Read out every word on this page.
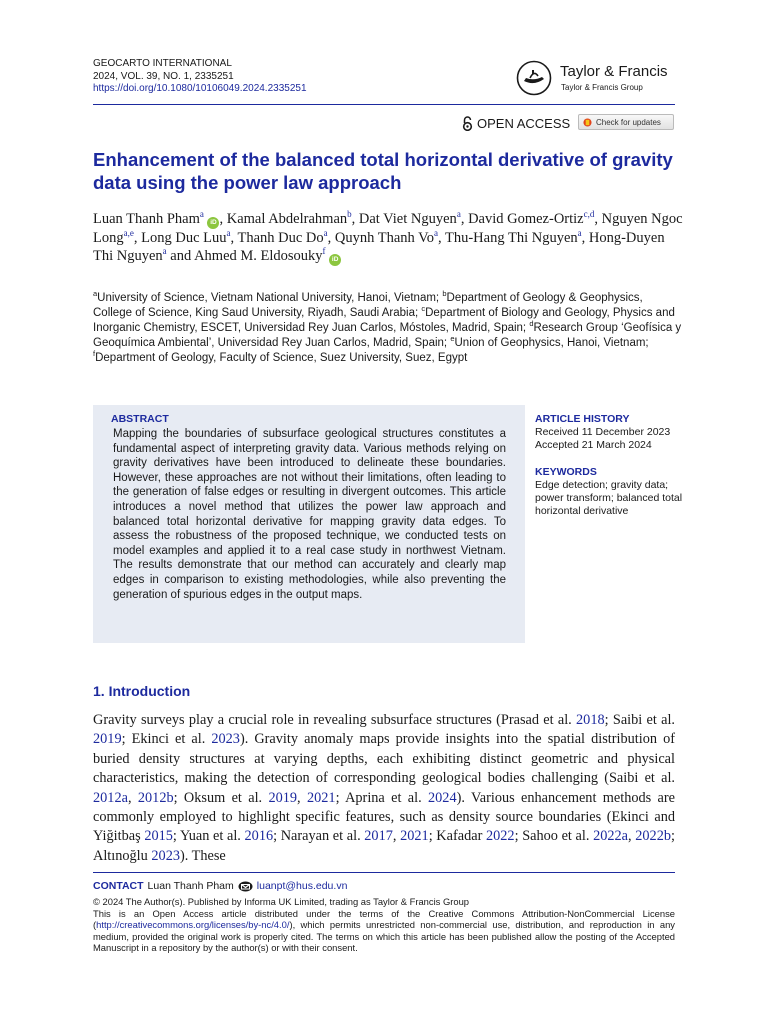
GEOCARTO INTERNATIONAL
2024, VOL. 39, NO. 1, 2335251
https://doi.org/10.1080/10106049.2024.2335251
Taylor & Francis
Taylor & Francis Group
OPEN ACCESS	Check for updates
Enhancement of the balanced total horizontal derivative of gravity data using the power law approach
Luan Thanh Pham$^a$ iD , Kamal Abdelrahman$^b$, Dat Viet Nguyen$^a$, David Gomez-Ortiz$^{c,d}$, Nguyen Ngoc Long$^{a,e}$, Long Duc Luu$^a$, Thanh Duc Do$^a$, Quynh Thanh Vo$^a$, Thu-Hang Thi Nguyen$^a$, Hong-Duyen Thi Nguyen$^a$ and Ahmed M. Eldosouky$^f$ iD
$^a$University of Science, Vietnam National University, Hanoi, Vietnam; $^b$Department of Geology & Geophysics, College of Science, King Saud University, Riyadh, Saudi Arabia; $^c$Department of Biology and Geology, Physics and Inorganic Chemistry, ESCET, Universidad Rey Juan Carlos, Móstoles, Madrid, Spain; $^d$Research Group ‘Geofísica y Geoquímica Ambiental’, Universidad Rey Juan Carlos, Madrid, Spain; $^e$Union of Geophysics, Hanoi, Vietnam; $^f$Department of Geology, Faculty of Science, Suez University, Suez, Egypt
ABSTRACT
Mapping the boundaries of subsurface geological structures constitutes a fundamental aspect of interpreting gravity data. Various methods relying on gravity derivatives have been introduced to delineate these boundaries. However, these approaches are not without their limitations, often leading to the generation of false edges or resulting in divergent outcomes. This article introduces a novel method that utilizes the power law approach and balanced total horizontal derivative for mapping gravity data edges. To assess the robustness of the proposed technique, we conducted tests on model examples and applied it to a real case study in northwest Vietnam. The results demonstrate that our method can accurately and clearly map edges in comparison to existing methodologies, while also preventing the generation of spurious edges in the output maps.
ARTICLE HISTORY
Received 11 December 2023
Accepted 21 March 2024
KEYWORDS
Edge detection; gravity data; power transform; balanced total horizontal derivative
1. Introduction

Gravity surveys play a crucial role in revealing subsurface structures (Prasad et al. 2018; Saibi et al. 2019; Ekinci et al. 2023). Gravity anomaly maps provide insights into the spatial distribution of buried density structures at varying depths, each exhibiting distinct geometric and physical characteristics, making the detection of corresponding geological bodies challenging (Saibi et al. 2012a, 2012b; Oksum et al. 2019, 2021; Aprina et al. 2024). Various enhancement methods are commonly employed to highlight specific features, such as density source boundaries (Ekinci and Yiğitbaş 2015; Yuan et al. 2016; Narayan et al. 2017, 2021; Kafadar 2022; Sahoo et al. 2022a, 2022b; Altınoğlu 2023). These

CONTACT Luan Thanh Pham luanpt@hus.edu.vn
© 2024 The Author(s). Published by Informa UK Limited, trading as Taylor & Francis Group
This is an Open Access article distributed under the terms of the Creative Commons Attribution-NonCommercial License (http://creativecommons.org/licenses/by-nc/4.0/), which permits unrestricted non-commercial use, distribution, and reproduction in any medium, provided the original work is properly cited. The terms on which this article has been published allow the posting of the Accepted Manuscript in a repository by the author(s) or with their consent.
